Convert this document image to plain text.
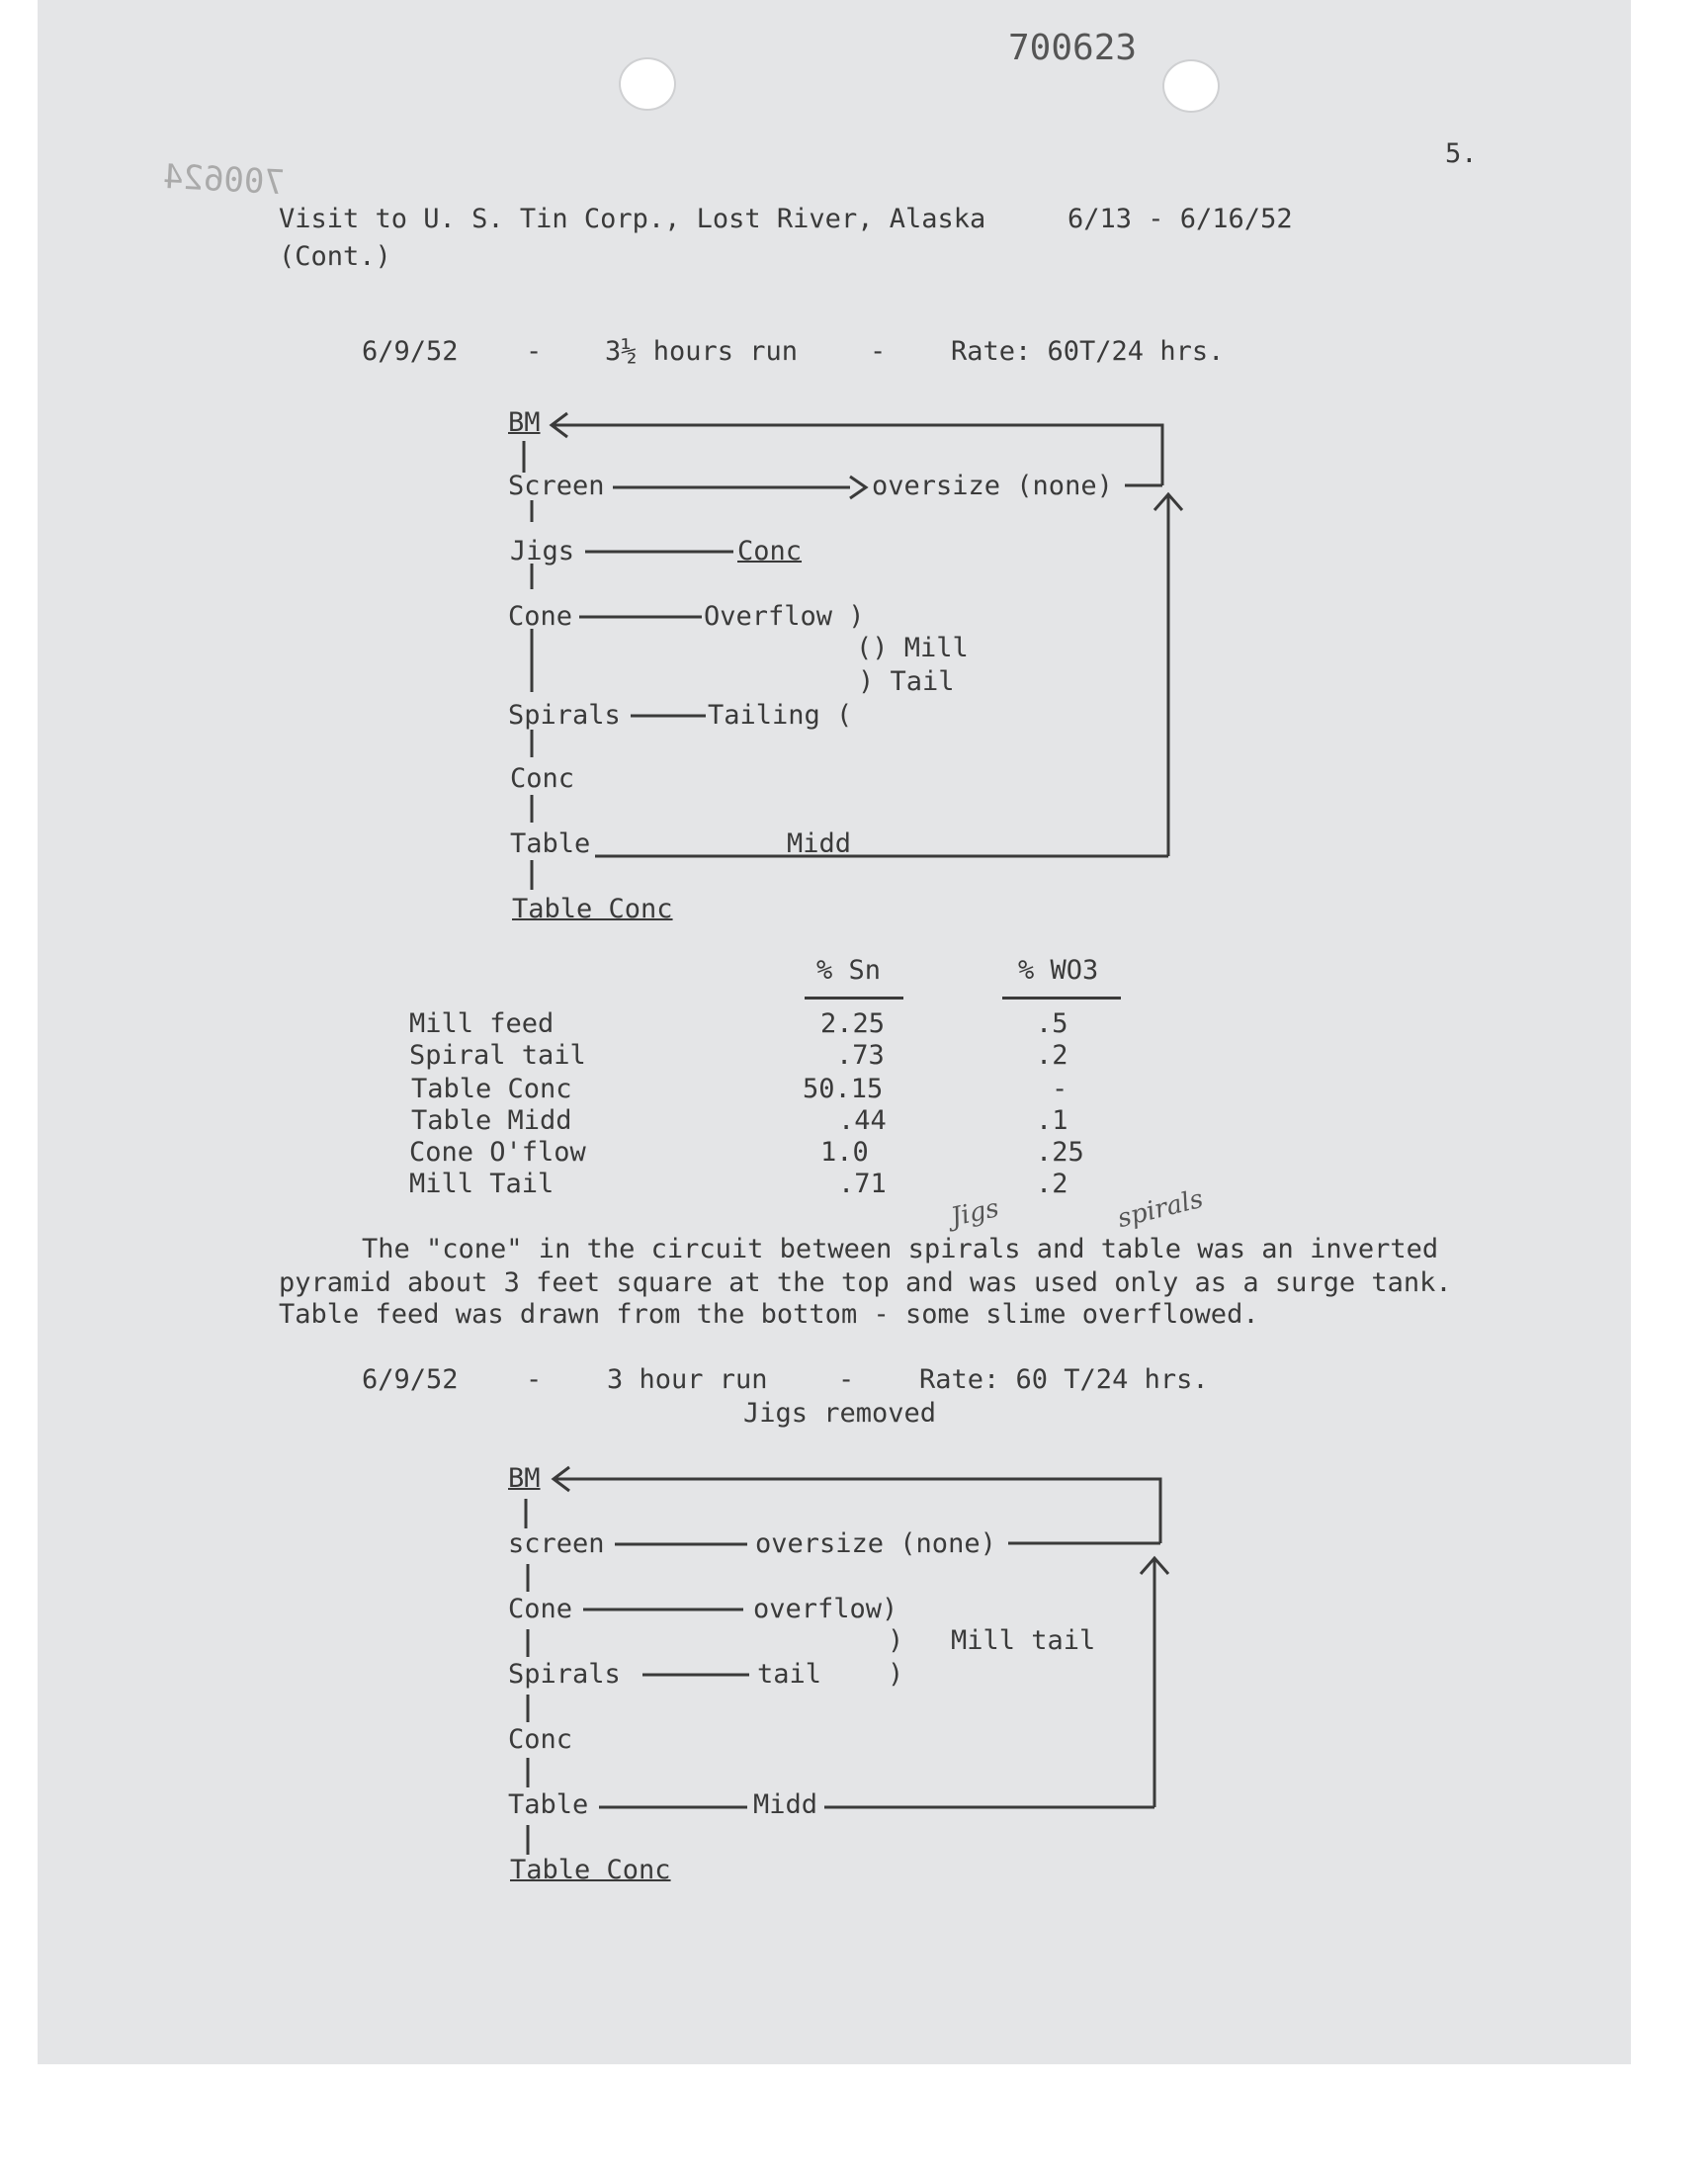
700623
700624
5.
Visit to U. S. Tin Corp., Lost River, Alaska	6/13 - 6/16/52
(Cont.)
6/9/52	- 3½ hours run	- Rate: 60T/24 hrs.
BM
Screen	oversize (none)
Jigs	Conc
Cone	Overflow )
() Mill
) Tail
Spirals	Tailing (
Conc
Table	Midd
Table Conc
% Sn	% WO3
Mill feed	2.25	.5
Spiral tail	.73	.2
Table Conc	50.15	-
Table Midd	.44	.1
Cone O'flow	1.0	.25
Mill Tail	.71	.2
Jigs	spirals
The "cone" in the circuit between spirals and table was an inverted
pyramid about 3 feet square at the top and was used only as a surge tank.
Table feed was drawn from the bottom - some slime overflowed.
6/9/52	- 3 hour run	- Rate: 60 T/24 hrs.
Jigs removed
BM
screen	oversize (none)
Cone	overflow)
) Mill tail
Spirals	tail )
Conc
Table	Midd
Table Conc
